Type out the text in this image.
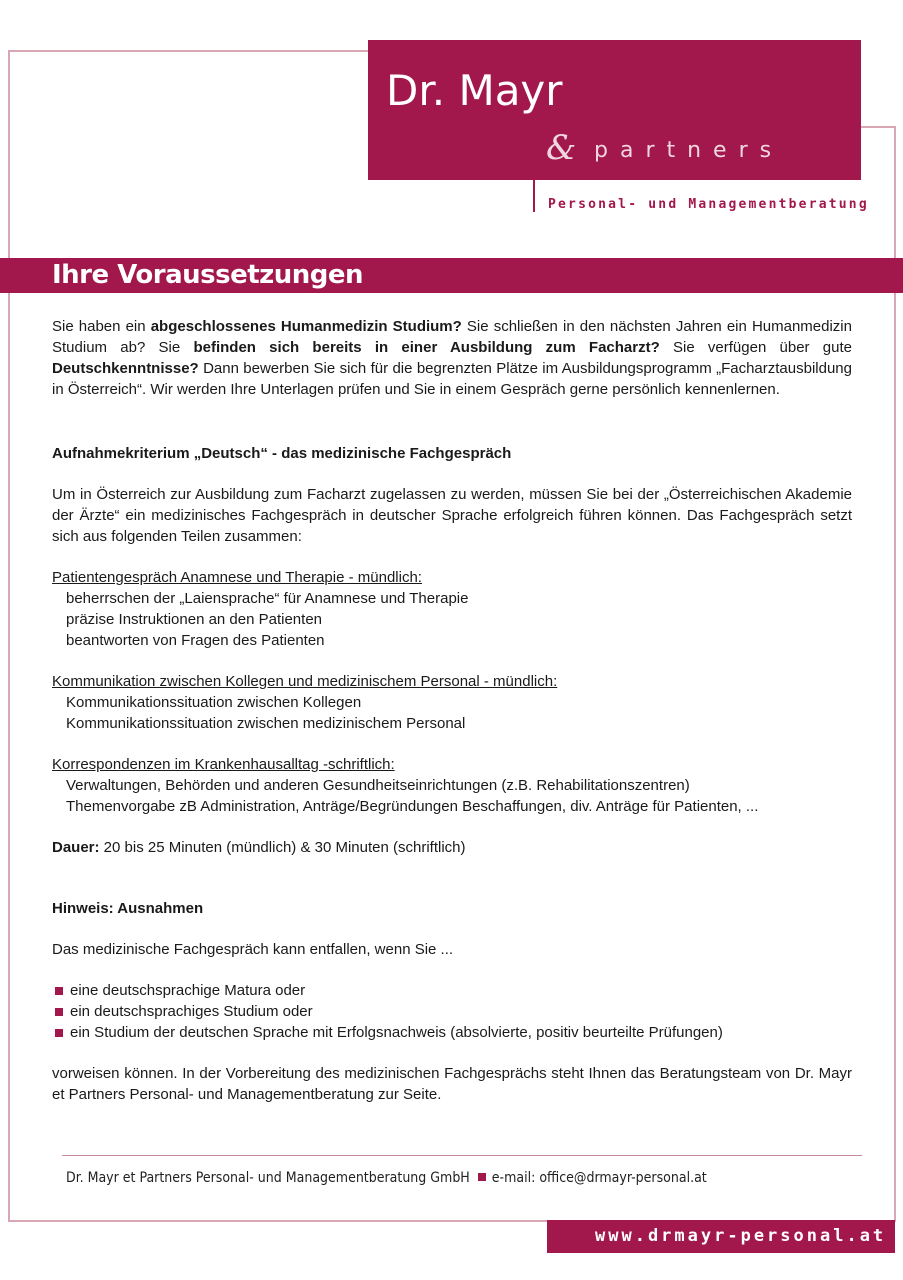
Dr. Mayr
& partners
Personal- und Managementberatung
Ihre Voraussetzungen

Sie haben ein abgeschlossenes Humanmedizin Studium? Sie schließen in den nächsten Jahren ein Humanmedizin Studium ab? Sie befinden sich bereits in einer Ausbildung zum Facharzt? Sie verfügen über gute Deutschkenntnisse? Dann bewerben Sie sich für die begrenzten Plätze im Ausbildungsprogramm „Facharztausbildung in Österreich“. Wir werden Ihre Unterlagen prüfen und Sie in einem Gespräch gerne persönlich kennenlernen.

Aufnahmekriterium „Deutsch“ - das medizinische Fachgespräch

Um in Österreich zur Ausbildung zum Facharzt zugelassen zu werden, müssen Sie bei der „Österreichischen Akademie der Ärzte“ ein medizinisches Fachgespräch in deutscher Sprache erfolgreich führen können. Das Fachgespräch setzt sich aus folgenden Teilen zusammen:

Patientengespräch Anamnese und Therapie - mündlich:

beherrschen der „Laiensprache“ für Anamnese und Therapie

präzise Instruktionen an den Patienten

beantworten von Fragen des Patienten

Kommunikation zwischen Kollegen und medizinischem Personal - mündlich:

Kommunikationssituation zwischen Kollegen

Kommunikationssituation zwischen medizinischem Personal

Korrespondenzen im Krankenhausalltag -schriftlich:

Verwaltungen, Behörden und anderen Gesundheitseinrichtungen (z.B. Rehabilitationszentren)

Themenvorgabe zB Administration, Anträge/Begründungen Beschaffungen, div. Anträge für Patienten, ...

Dauer: 20 bis 25 Minuten (mündlich) & 30 Minuten (schriftlich)

Hinweis: Ausnahmen

Das medizinische Fachgespräch kann entfallen, wenn Sie ...

eine deutschsprachige Matura oder
ein deutschsprachiges Studium oder
ein Studium der deutschen Sprache mit Erfolgsnachweis (absolvierte, positiv beurteilte Prüfungen)

vorweisen können. In der Vorbereitung des medizinischen Fachgesprächs steht Ihnen das Beratungsteam von Dr. Mayr et Partners Personal- und Managementberatung zur Seite.

Dr. Mayr et Partners Personal- und Managementberatung GmbH e-mail: office@drmayr-personal.at
www.drmayr-personal.at
